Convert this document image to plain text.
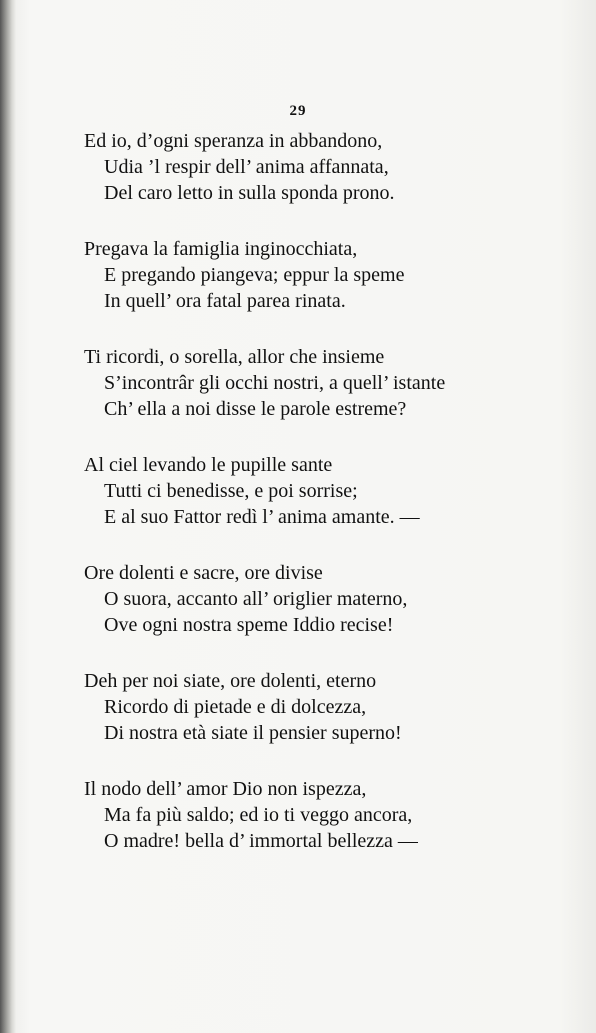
29
Ed io, d’ogni speranza in abbandono,
Udia ’l respir dell’ anima affannata,
Del caro letto in sulla sponda prono.
Pregava la famiglia inginocchiata,
E pregando piangeva; eppur la speme
In quell’ ora fatal parea rinata.
Ti ricordi, o sorella, allor che insieme
S’incontrâr gli occhi nostri, a quell’ istante
Ch’ ella a noi disse le parole estreme?
Al ciel levando le pupille sante
Tutti ci benedisse, e poi sorrise;
E al suo Fattor redì l’ anima amante. —
Ore dolenti e sacre, ore divise
O suora, accanto all’ origlier materno,
Ove ogni nostra speme Iddio recise!
Deh per noi siate, ore dolenti, eterno
Ricordo di pietade e di dolcezza,
Di nostra età siate il pensier superno!
Il nodo dell’ amor Dio non ispezza,
Ma fa più saldo; ed io ti veggo ancora,
O madre! bella d’ immortal bellezza —
